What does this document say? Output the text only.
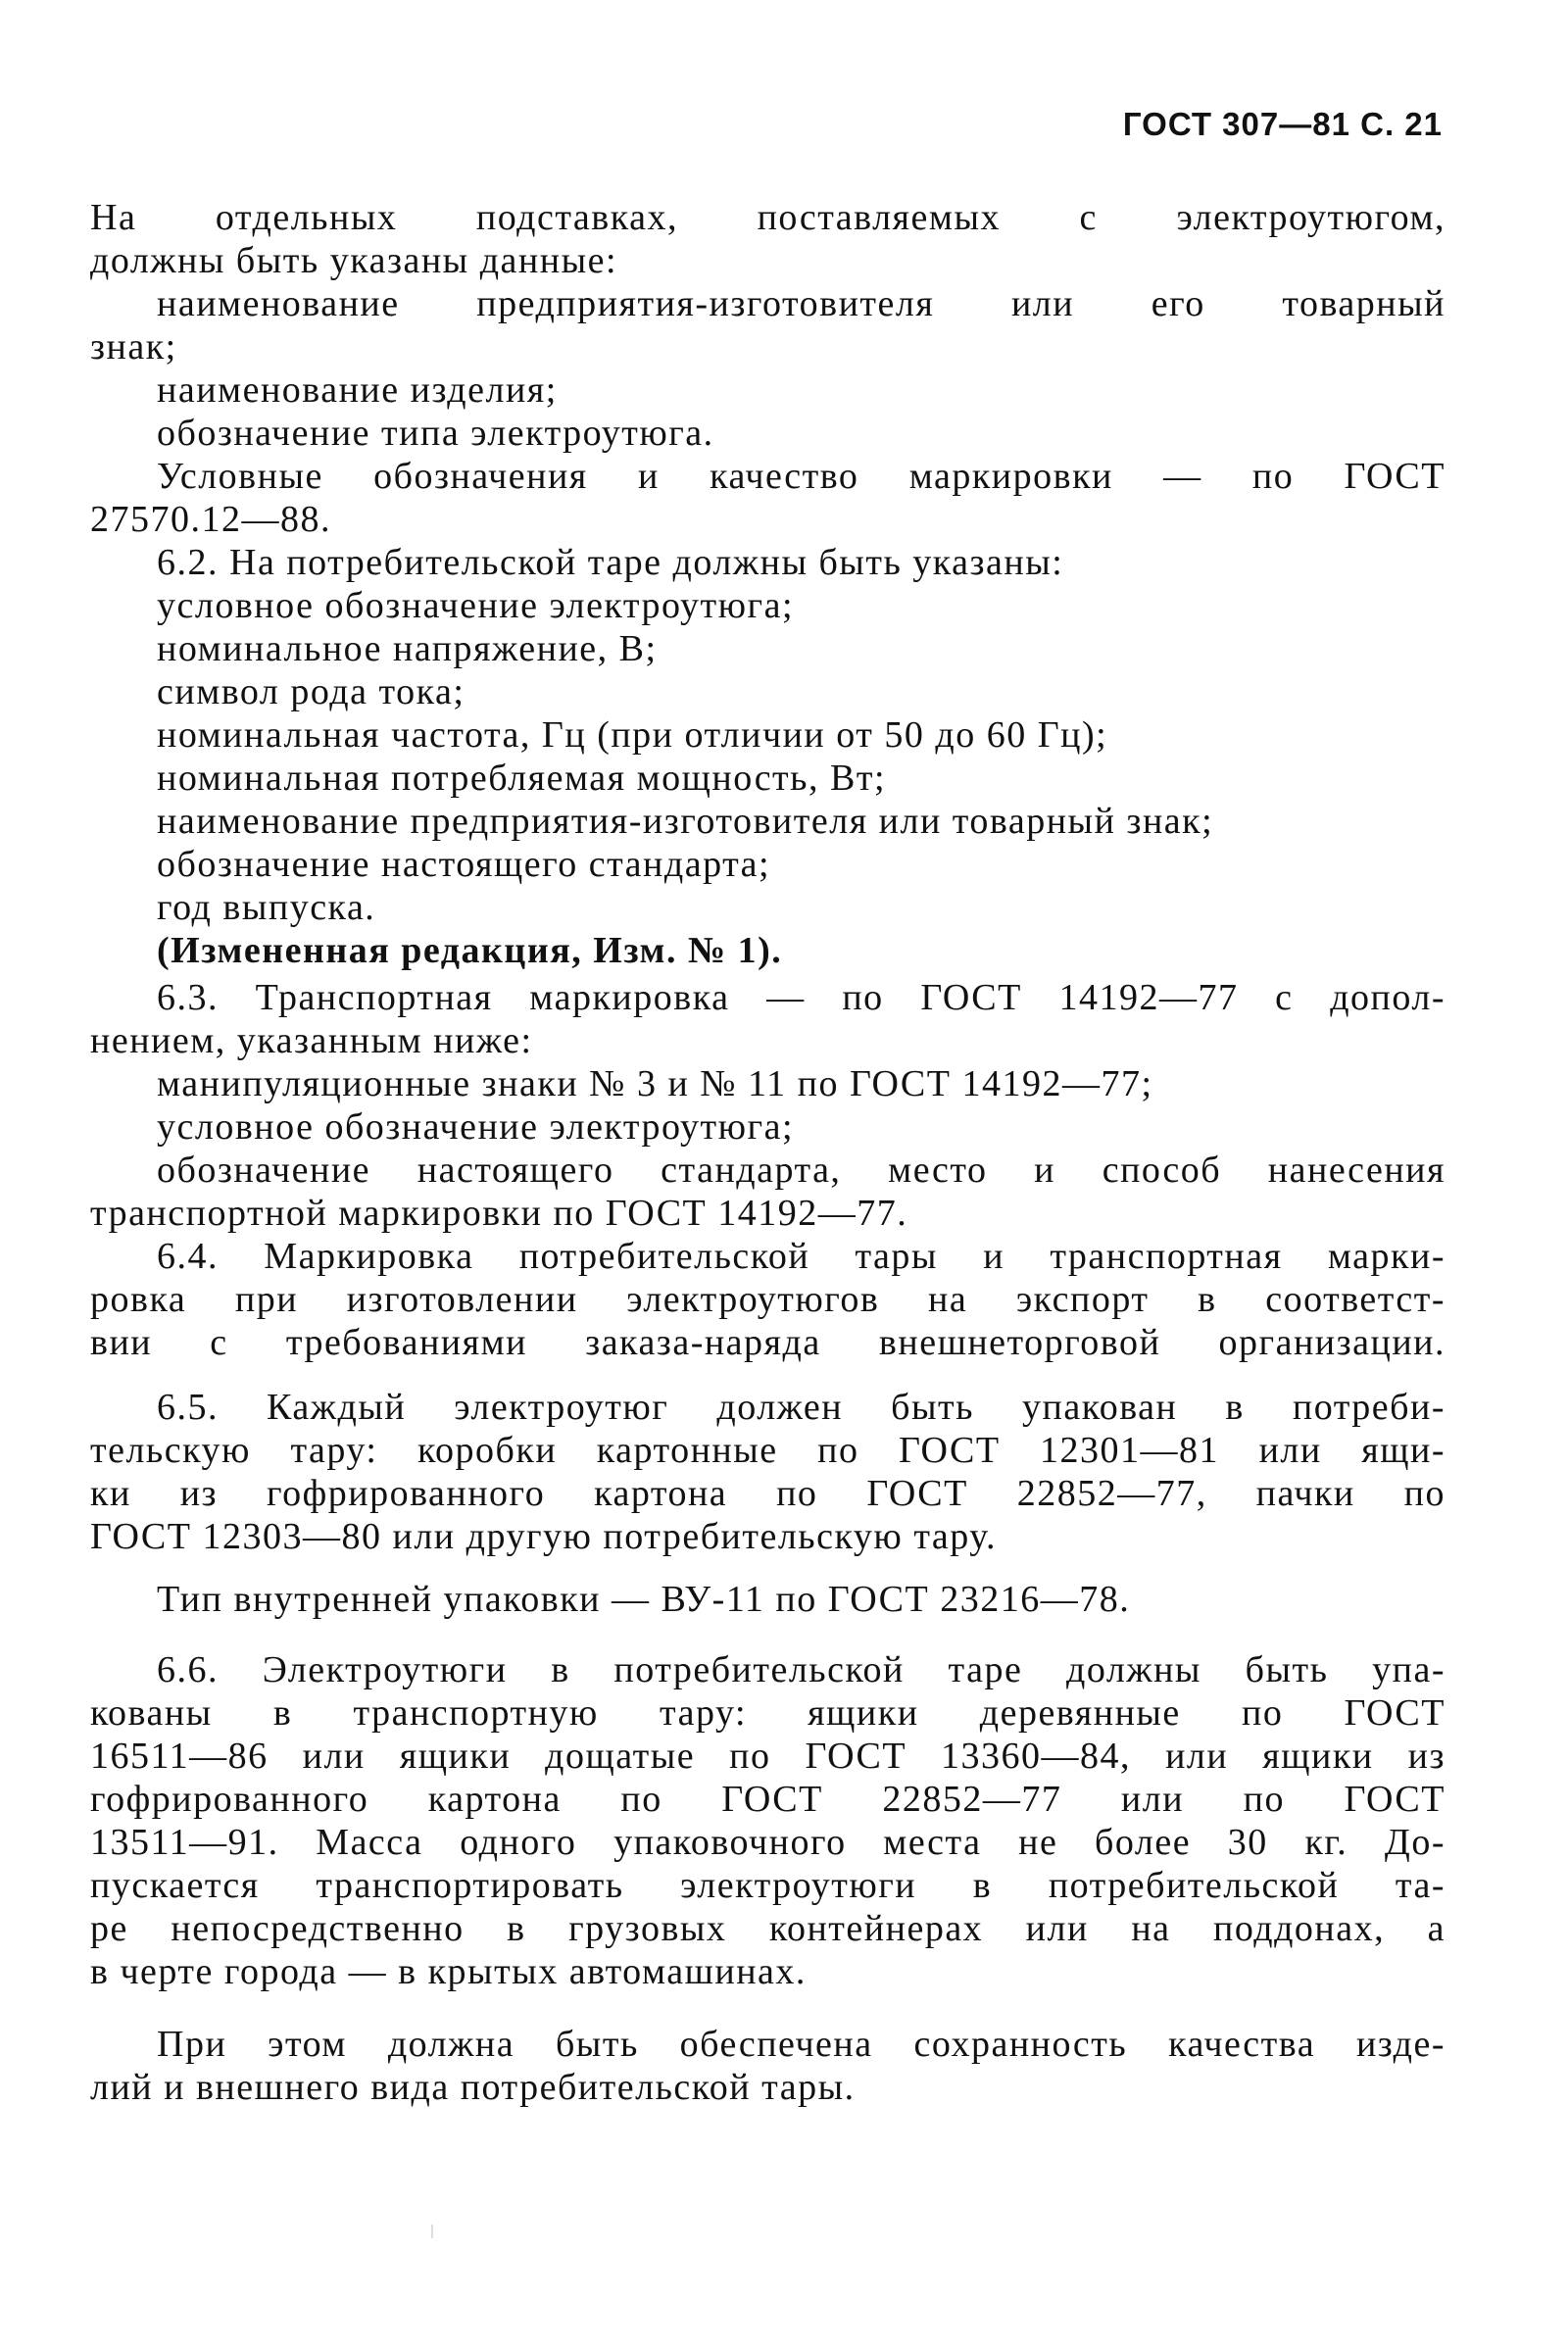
ГОСТ 307—81 С. 21
На отдельных подставках, поставляемых с электроутюгом,
должны быть указаны данные:
наименование предприятия-изготовителя или его товарный
знак;
наименование изделия;
обозначение типа электроутюга.
Условные обозначения и качество маркировки — по ГОСТ
27570.12—88.
6.2. На потребительской таре должны быть указаны:
условное обозначение электроутюга;
номинальное напряжение, В;
символ рода тока;
номинальная частота, Гц (при отличии от 50 до 60 Гц);
номинальная потребляемая мощность, Вт;
наименование предприятия-изготовителя или товарный знак;
обозначение настоящего стандарта;
год выпуска.
(Измененная редакция, Изм. № 1).
6.3. Транспортная маркировка — по ГОСТ 14192—77 с допол-
нением, указанным ниже:
манипуляционные знаки № 3 и № 11 по ГОСТ 14192—77;
условное обозначение электроутюга;
обозначение настоящего стандарта, место и способ нанесения
транспортной маркировки по ГОСТ 14192—77.
6.4. Маркировка потребительской тары и транспортная марки-
ровка при изготовлении электроутюгов на экспорт в соответст-
вии с требованиями заказа-наряда внешнеторговой организации.
6.5. Каждый электроутюг должен быть упакован в потреби-
тельскую тару: коробки картонные по ГОСТ 12301—81 или ящи-
ки из гофрированного картона по ГОСТ 22852—77, пачки по
ГОСТ 12303—80 или другую потребительскую тару.
Тип внутренней упаковки — ВУ-11 по ГОСТ 23216—78.
6.6. Электроутюги в потребительской таре должны быть упа-
кованы в транспортную тару: ящики деревянные по ГОСТ
16511—86 или ящики дощатые по ГОСТ 13360—84, или ящики из
гофрированного картона по ГОСТ 22852—77 или по ГОСТ
13511—91. Масса одного упаковочного места не более 30 кг. До-
пускается транспортировать электроутюги в потребительской та-
ре непосредственно в грузовых контейнерах или на поддонах, а
в черте города — в крытых автомашинах.
При этом должна быть обеспечена сохранность качества изде-
лий и внешнего вида потребительской тары.
